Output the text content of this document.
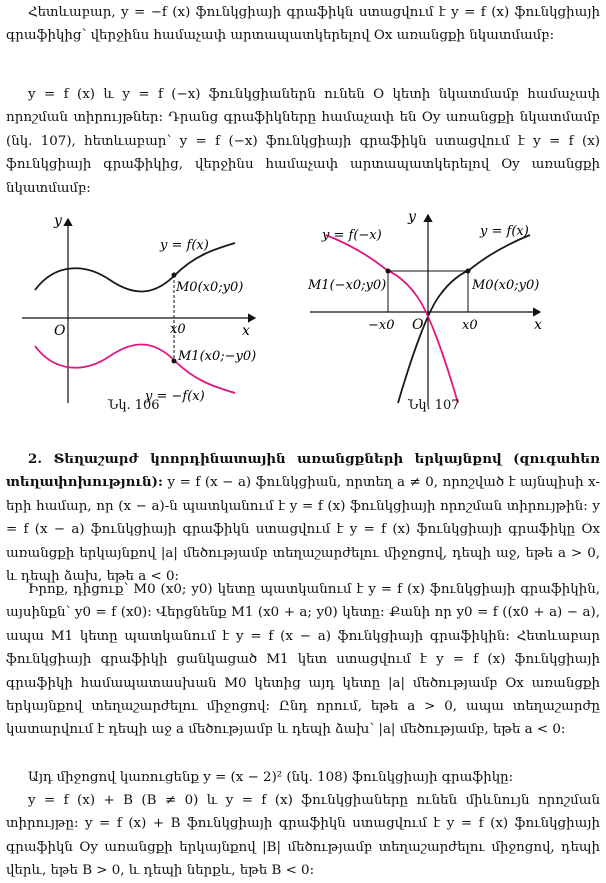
Հետևաբար, y = −f (x) ֆունկցիայի գրաֆիկն ստացվում է y = f (x) ֆունկցիայի գրաֆիկից՝ վերջինս համաչափ արտապատկերելով Ox առանցքի նկատմամբ:

y = f (x) և y = f (−x) ֆունկցիաներն ունեն O կետի նկատմամբ համաչափ որոշման տիրույթներ: Դրանց գրաֆիկները համաչափ են Oy առանցքի նկատմամբ (նկ. 107), հետևաբար՝ y = f (−x) ֆունկցիայի գրաֆիկն ստացվում է y = f (x) ֆունկցիայի գրաֆիկից, վերջինս համաչափ արտապատկերելով Oy առանցքի նկատմամբ:

y
x
O	x0
y = f(x)
y = −f(x)
M0(x0;y0)
M1(x0;−y0)
Նկ. 106
y
x
O
−x0	x0
y = f(−x)	y = f(x)
M1(−x0;y0)	M0(x0;y0)
Նկ. 107

2. Տեղաշարժ կոորդինատային առանցքների երկայնքով (զուգահեռ տեղափոխություն): y = f (x − a) ֆունկցիան, որտեղ a ≠ 0, որոշված է այնպիսի x-երի համար, որ (x − a)-ն պատկանում է y = f (x) ֆունկցիայի որոշման տիրույթին: y = f (x − a) ֆունկցիայի գրաֆիկն ստացվում է y = f (x) ֆունկցիայի գրաֆիկը Ox առանցքի երկայնքով |a| մեծությամբ տեղաշարժելու միջոցով, դեպի աջ, եթե a > 0, և դեպի ձախ, եթե a < 0:

Իրոք, դիցուք՝ M0 (x0; y0) կետը պատկանում է y = f (x) ֆունկցիայի գրաֆիկին, այսինքն՝ y0 = f (x0): Վերցնենք M1 (x0 + a; y0) կետը: Քանի որ y0 = f ((x0 + a) − a), ապա M1 կետը պատկանում է y = f (x − a) ֆունկցիայի գրաֆիկին: Հետևաբար ֆունկցիայի գրաֆիկի ցանկացած M1 կետ ստացվում է y = f (x) ֆունկցիայի գրաֆիկի համապատասխան M0 կետից այդ կետը |a| մեծությամբ Ox առանցքի երկայնքով տեղաշարժելու միջոցով: Ընդ որում, եթե a > 0, ապա տեղաշարժը կատարվում է դեպի աջ a մեծությամբ և դեպի ձախ՝ |a| մեծությամբ, եթե a < 0:

Այդ միջոցով կառուցենք y = (x − 2)² (նկ. 108) ֆունկցիայի գրաֆիկը:

y = f (x) + B (B ≠ 0) և y = f (x) ֆունկցիաները ունեն միևնույն որոշման տիրույթը: y = f (x) + B ֆունկցիայի գրաֆիկն ստացվում է y = f (x) ֆունկցիայի գրաֆիկն Oy առանցքի երկայնքով |B| մեծությամբ տեղաշարժելու միջոցով, դեպի վերև, եթե B > 0, և դեպի ներքև, եթե B < 0:
